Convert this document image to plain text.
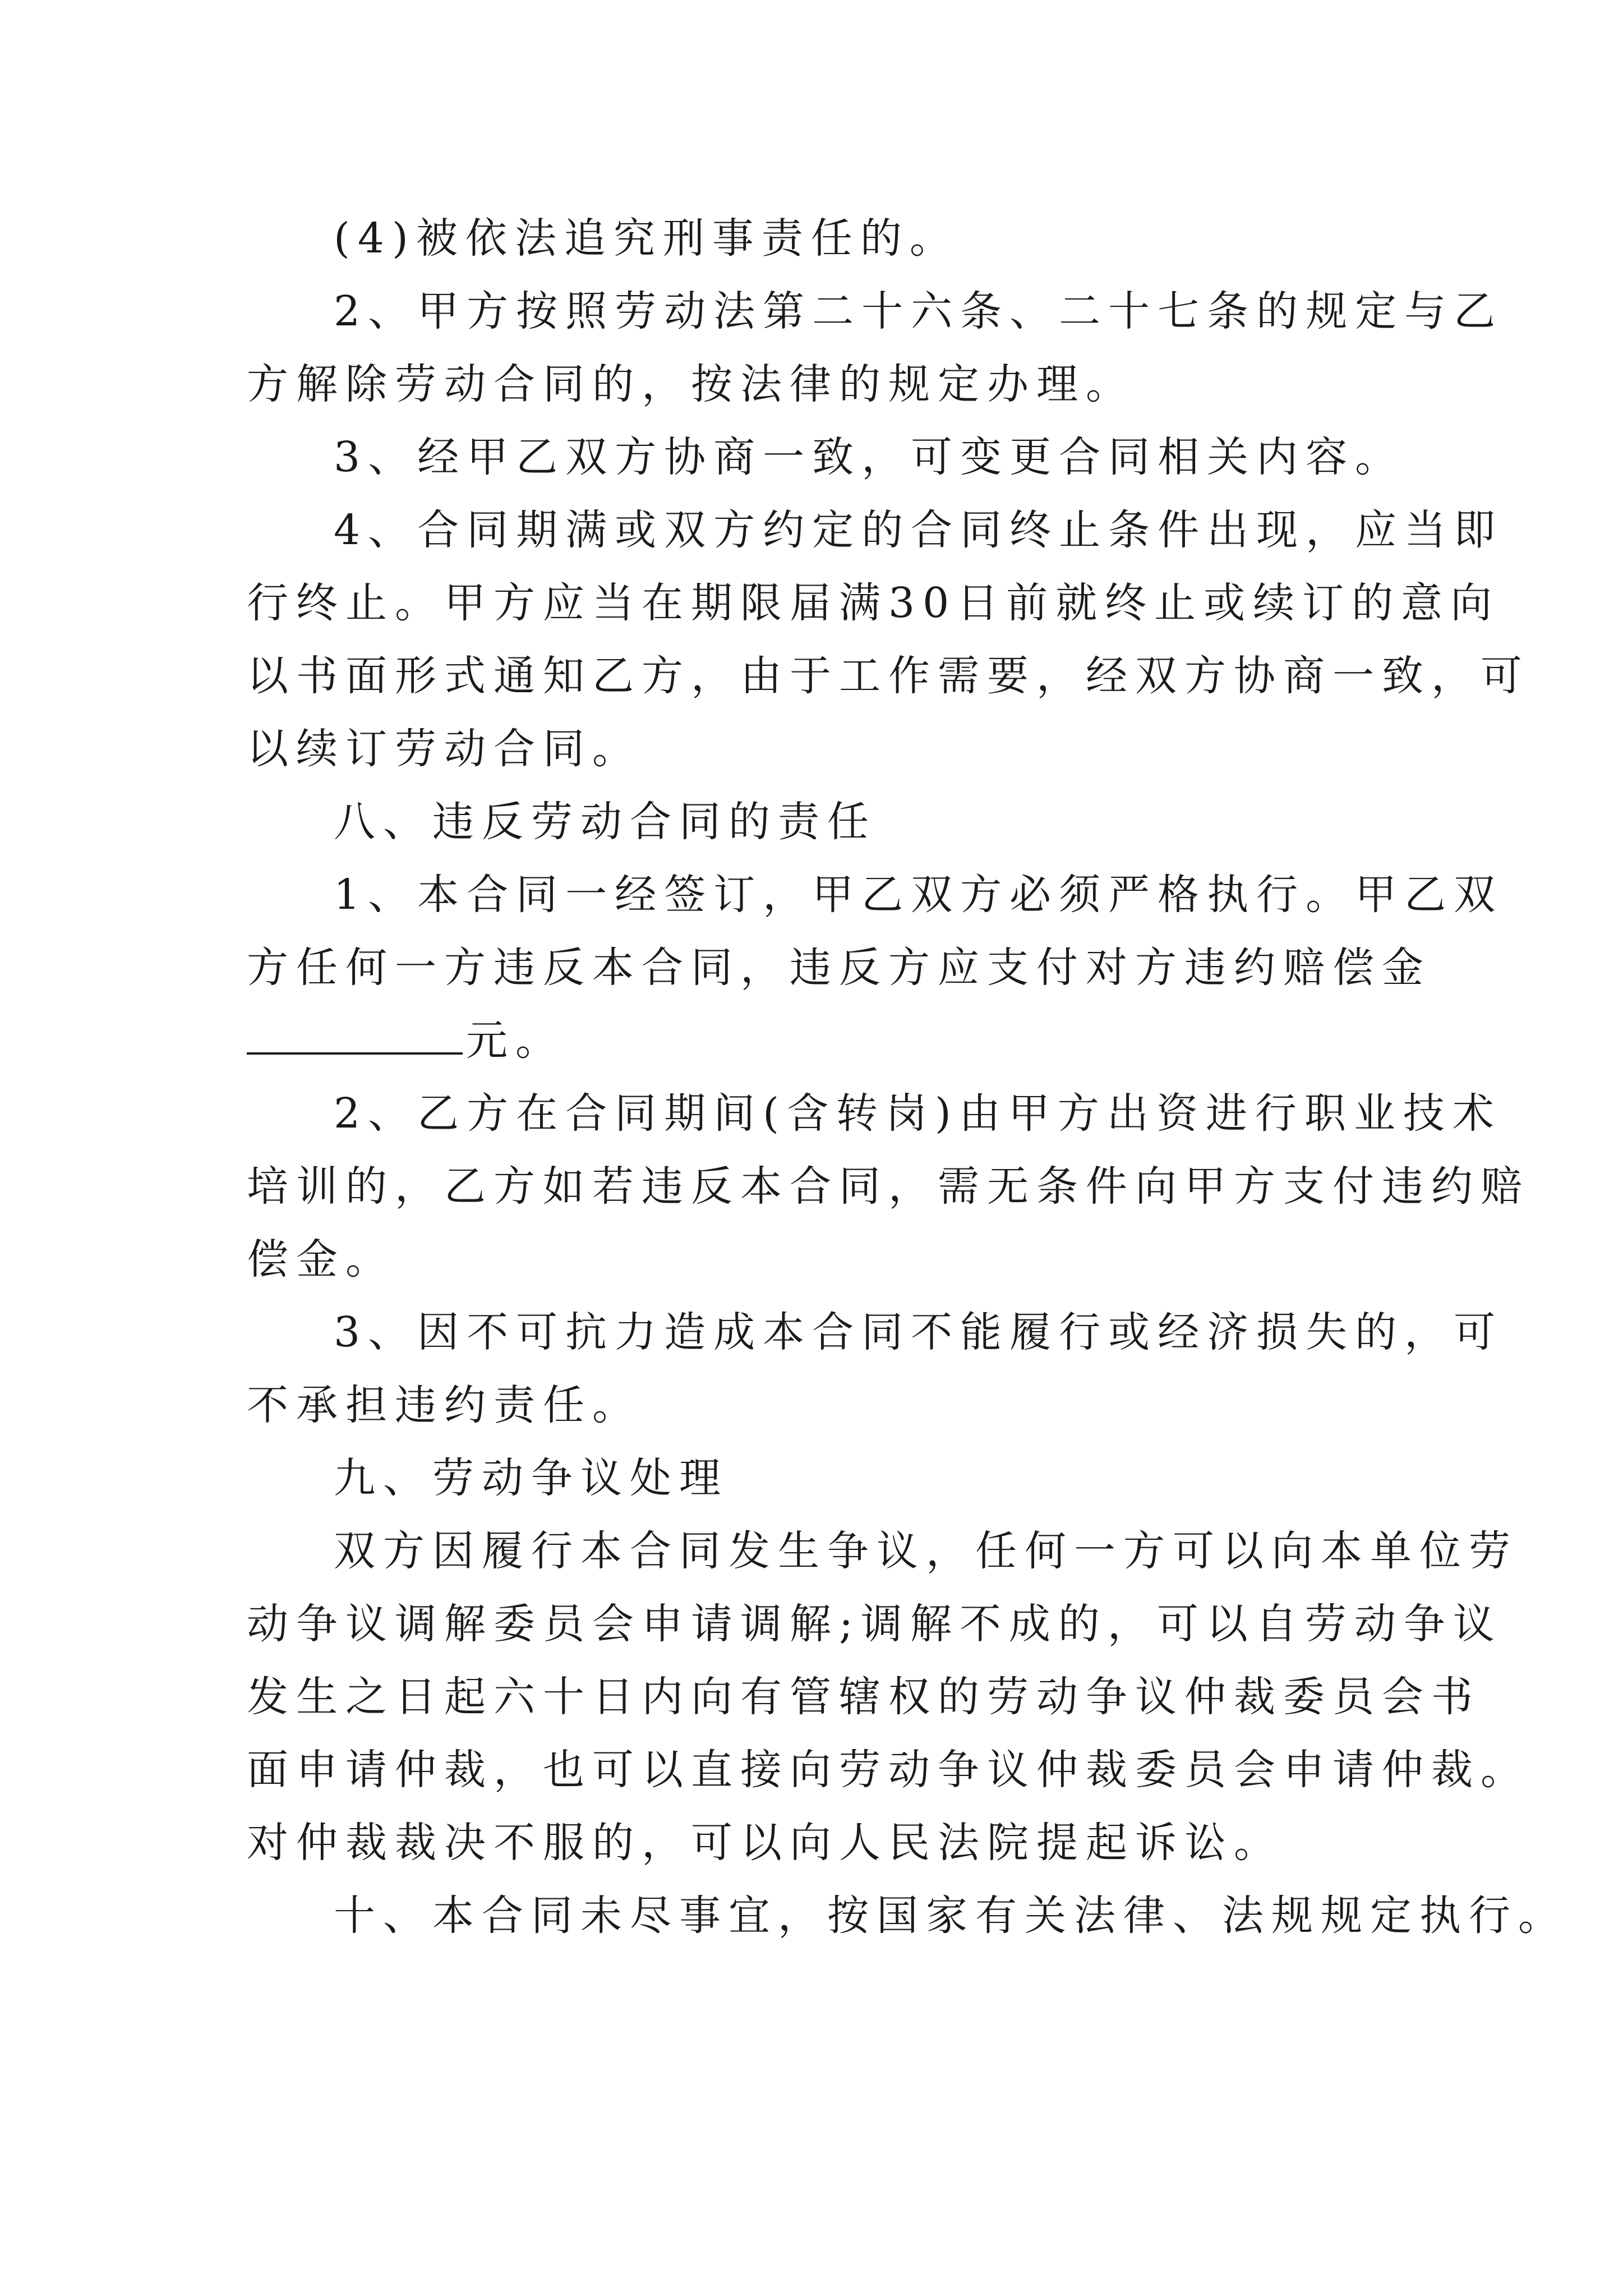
(4)被依法追究刑事责任的。
2、甲方按照劳动法第二十六条、二十七条的规定与乙
方解除劳动合同的，按法律的规定办理。
3、经甲乙双方协商一致，可变更合同相关内容。
4、合同期满或双方约定的合同终止条件出现，应当即
行终止。甲方应当在期限届满30日前就终止或续订的意向
以书面形式通知乙方，由于工作需要，经双方协商一致，可
以续订劳动合同。
八、违反劳动合同的责任
1、本合同一经签订，甲乙双方必须严格执行。甲乙双
方任何一方违反本合同，违反方应支付对方违约赔偿金
元。
2、乙方在合同期间(含转岗)由甲方出资进行职业技术
培训的，乙方如若违反本合同，需无条件向甲方支付违约赔
偿金。
3、因不可抗力造成本合同不能履行或经济损失的，可
不承担违约责任。
九、劳动争议处理
双方因履行本合同发生争议，任何一方可以向本单位劳
动争议调解委员会申请调解;调解不成的，可以自劳动争议
发生之日起六十日内向有管辖权的劳动争议仲裁委员会书
面申请仲裁，也可以直接向劳动争议仲裁委员会申请仲裁。
对仲裁裁决不服的，可以向人民法院提起诉讼。
十、本合同未尽事宜，按国家有关法律、法规规定执行。
